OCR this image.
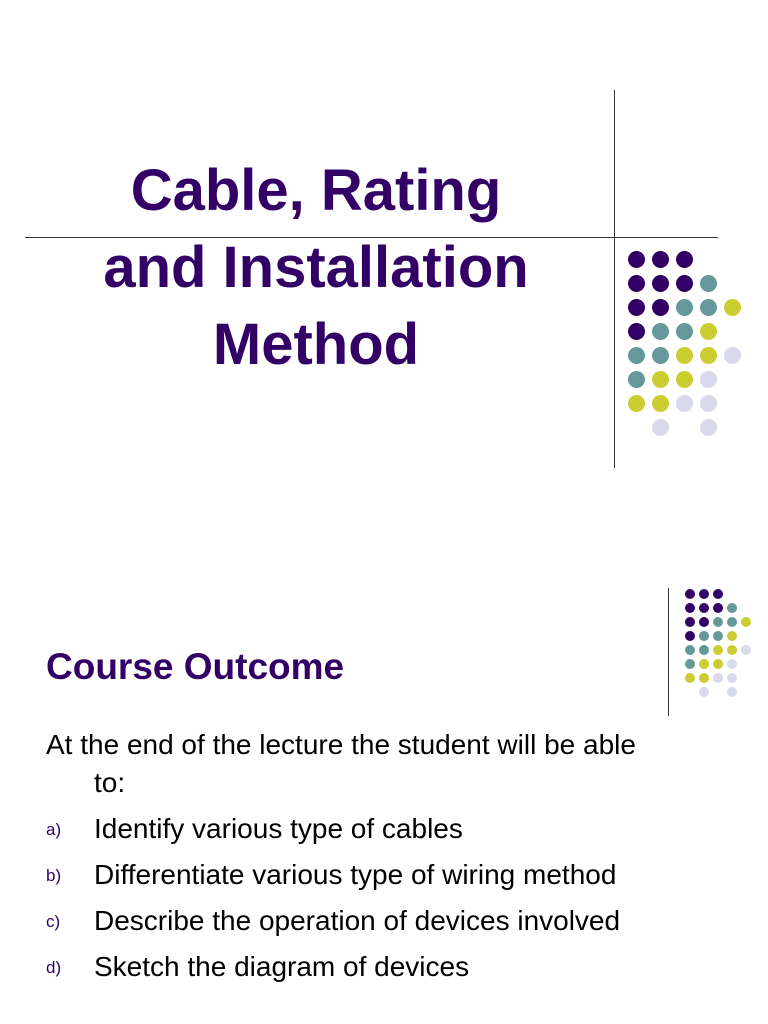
Cable, Rating
and Installation
Method
Course Outcome

At the end of the lecture the student will be able
to:

a) Identify various type of cables
b) Differentiate various type of wiring method
c) Describe the operation of devices involved
d) Sketch the diagram of devices
